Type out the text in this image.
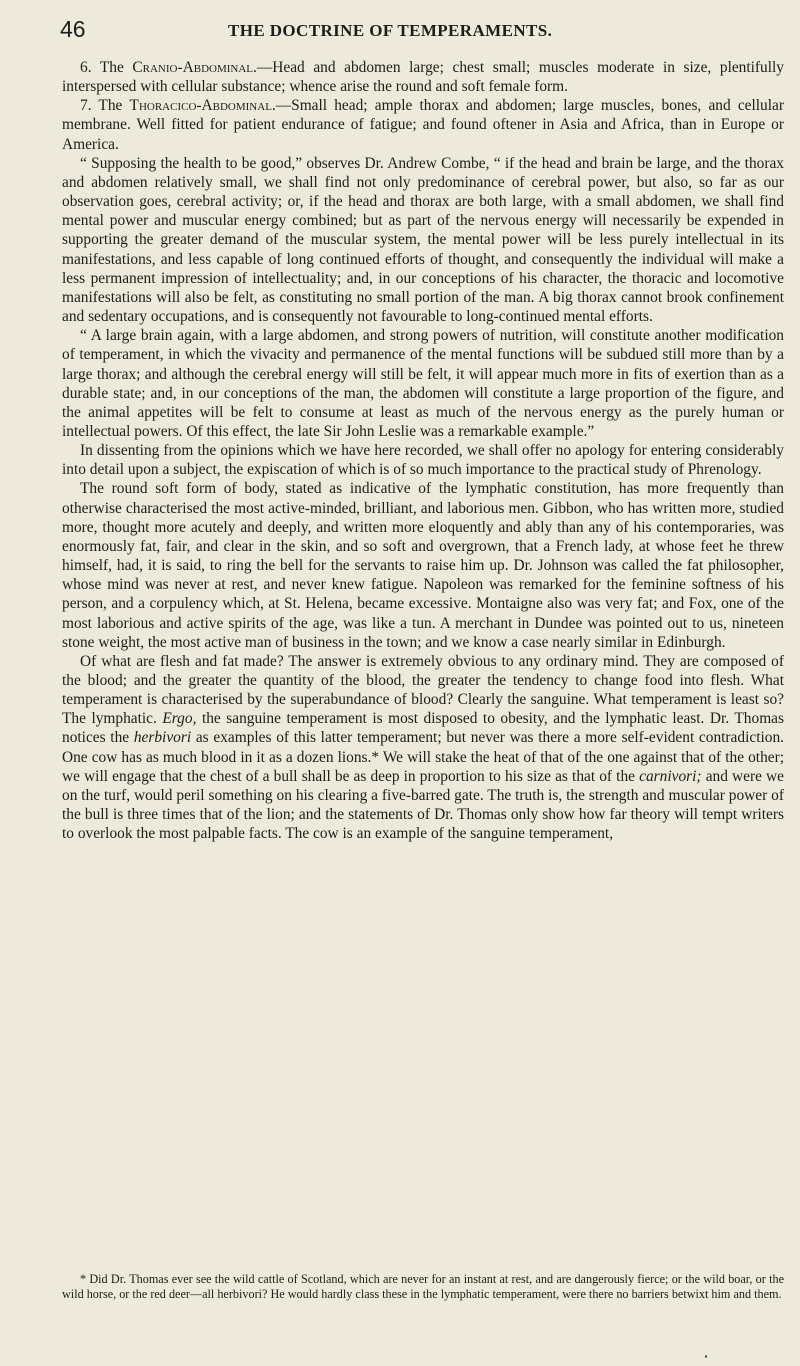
46	THE DOCTRINE OF TEMPERAMENTS.

6. The Cranio-Abdominal.—Head and abdomen large; chest small; muscles moderate in size, plentifully interspersed with cellular substance; whence arise the round and soft female form.

7. The Thoracico-Abdominal.—Small head; ample thorax and abdomen; large muscles, bones, and cellular membrane. Well fitted for patient endurance of fatigue; and found oftener in Asia and Africa, than in Europe or America.

“ Supposing the health to be good,” observes Dr. Andrew Combe, “ if the head and brain be large, and the thorax and abdomen relatively small, we shall find not only predominance of cerebral power, but also, so far as our observation goes, cerebral activity; or, if the head and thorax are both large, with a small abdomen, we shall find mental power and muscular energy combined; but as part of the nervous energy will necessarily be expended in supporting the greater demand of the muscular system, the mental power will be less purely intellectual in its manifestations, and less capable of long continued efforts of thought, and consequently the individual will make a less permanent impression of intellectuality; and, in our conceptions of his character, the thoracic and locomotive manifestations will also be felt, as constituting no small portion of the man. A big thorax cannot brook confinement and sedentary occupations, and is consequently not favourable to long-continued mental efforts.

“ A large brain again, with a large abdomen, and strong powers of nutrition, will constitute another modification of temperament, in which the vivacity and permanence of the mental functions will be subdued still more than by a large thorax; and although the cerebral energy will still be felt, it will appear much more in fits of exertion than as a durable state; and, in our conceptions of the man, the abdomen will constitute a large proportion of the figure, and the animal appetites will be felt to consume at least as much of the nervous energy as the purely human or intellectual powers. Of this effect, the late Sir John Leslie was a remarkable example.”

In dissenting from the opinions which we have here recorded, we shall offer no apology for entering considerably into detail upon a subject, the expiscation of which is of so much importance to the practical study of Phrenology.

The round soft form of body, stated as indicative of the lymphatic constitution, has more frequently than otherwise characterised the most active-minded, brilliant, and laborious men. Gibbon, who has written more, studied more, thought more acutely and deeply, and written more eloquently and ably than any of his contemporaries, was enormously fat, fair, and clear in the skin, and so soft and overgrown, that a French lady, at whose feet he threw himself, had, it is said, to ring the bell for the servants to raise him up. Dr. Johnson was called the fat philosopher, whose mind was never at rest, and never knew fatigue. Napoleon was remarked for the feminine softness of his person, and a corpulency which, at St. Helena, became excessive. Montaigne also was very fat; and Fox, one of the most laborious and active spirits of the age, was like a tun. A merchant in Dundee was pointed out to us, nineteen stone weight, the most active man of business in the town; and we know a case nearly similar in Edinburgh.

Of what are flesh and fat made? The answer is extremely obvious to any ordinary mind. They are composed of the blood; and the greater the quantity of the blood, the greater the tendency to change food into flesh. What temperament is characterised by the superabundance of blood? Clearly the sanguine. What temperament is least so? The lymphatic. Ergo, the sanguine temperament is most disposed to obesity, and the lymphatic least. Dr. Thomas notices the herbivori as examples of this latter temperament; but never was there a more self-evident contradiction. One cow has as much blood in it as a dozen lions.* We will stake the heat of that of the one against that of the other; we will engage that the chest of a bull shall be as deep in proportion to his size as that of the carnivori; and were we on the turf, would peril something on his clearing a five-barred gate. The truth is, the strength and muscular power of the bull is three times that of the lion; and the statements of Dr. Thomas only show how far theory will tempt writers to overlook the most palpable facts. The cow is an example of the sanguine temperament,

* Did Dr. Thomas ever see the wild cattle of Scotland, which are never for an instant at rest, and are dangerously fierce; or the wild boar, or the wild horse, or the red deer—all herbivori? He would hardly class these in the lymphatic temperament, were there no barriers betwixt him and them.
